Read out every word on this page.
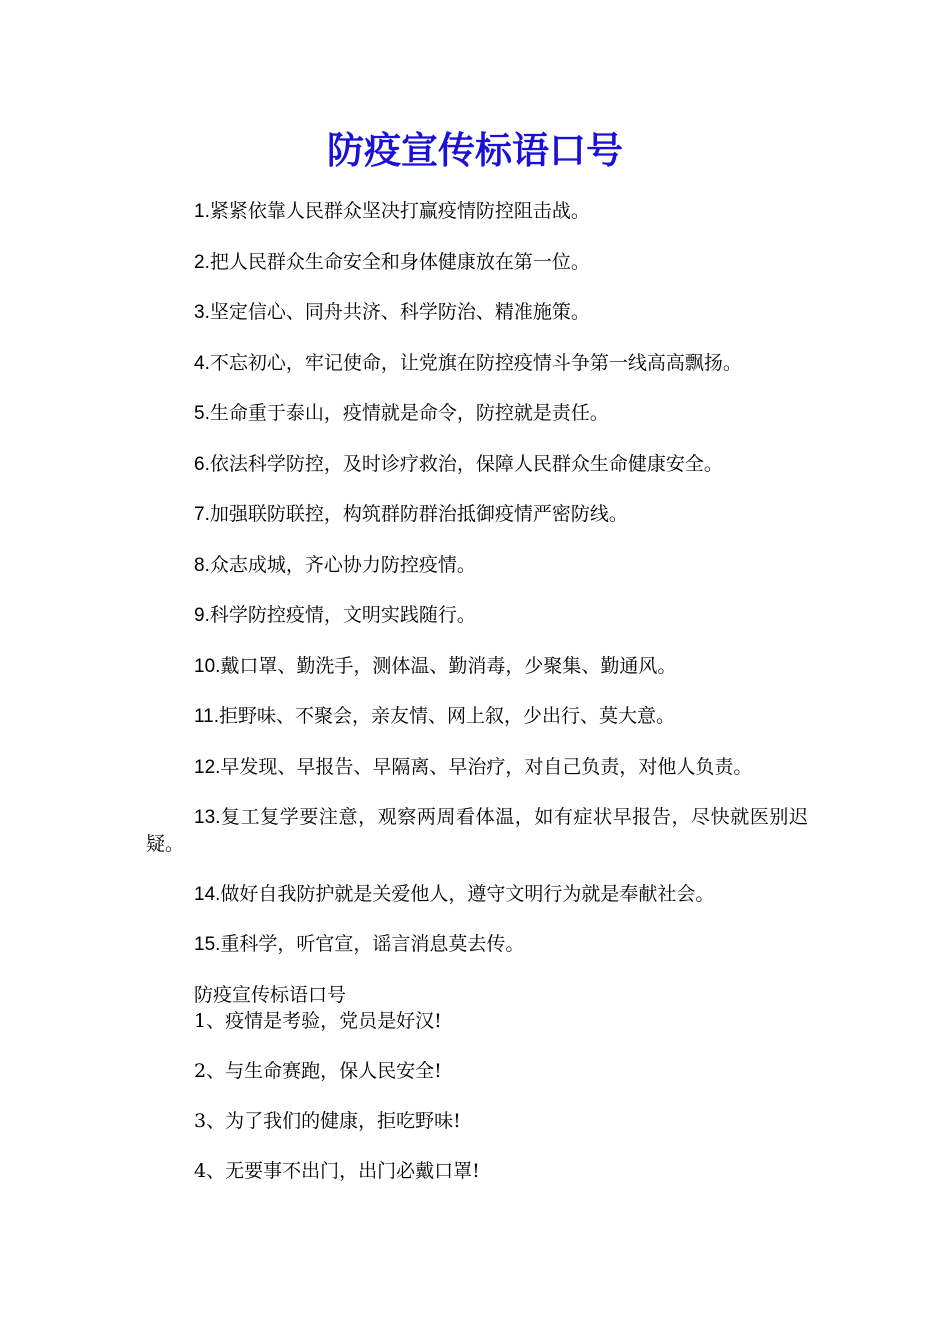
防疫宣传标语口号

1.紧紧依靠人民群众坚决打赢疫情防控阻击战。

2.把人民群众生命安全和身体健康放在第一位。

3.坚定信心、同舟共济、科学防治、精准施策。

4.不忘初心，牢记使命，让党旗在防控疫情斗争第一线高高飘扬。

5.生命重于泰山，疫情就是命令，防控就是责任。

6.依法科学防控，及时诊疗救治，保障人民群众生命健康安全。

7.加强联防联控，构筑群防群治抵御疫情严密防线。

8.众志成城，齐心协力防控疫情。

9.科学防控疫情，文明实践随行。

10.戴口罩、勤洗手，测体温、勤消毒，少聚集、勤通风。

11.拒野味、不聚会，亲友情、网上叙，少出行、莫大意。

12.早发现、早报告、早隔离、早治疗，对自己负责，对他人负责。

13.复工复学要注意，观察两周看体温，如有症状早报告，尽快就医别迟疑。

14.做好自我防护就是关爱他人，遵守文明行为就是奉献社会。

15.重科学，听官宣，谣言消息莫去传。

防疫宣传标语口号

1、疫情是考验，党员是好汉!

2、与生命赛跑，保人民安全!

3、为了我们的健康，拒吃野味!

4、无要事不出门，出门必戴口罩!
